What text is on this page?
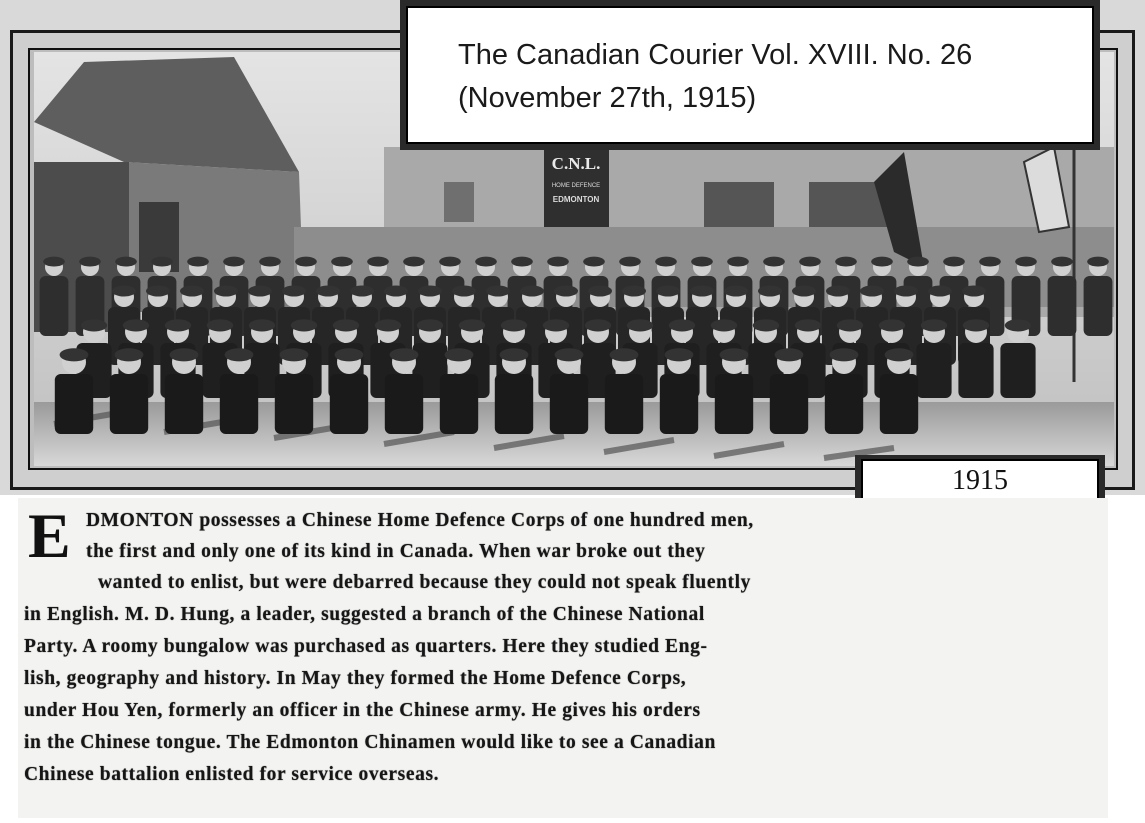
C.N.L.
HOME DEFENCE
EDMONTON
The Canadian Courier Vol. XVIII. No. 26
(November 27th, 1915)
1915
E DMONTON possesses a Chinese Home Defence Corps of one hundred men,
the first and only one of its kind in Canada. When war broke out they
wanted to enlist, but were debarred because they could not speak fluently
in English. M. D. Hung, a leader, suggested a branch of the Chinese National
Party. A roomy bungalow was purchased as quarters. Here they studied Eng-
lish, geography and history. In May they formed the Home Defence Corps,
under Hou Yen, formerly an officer in the Chinese army. He gives his orders
in the Chinese tongue. The Edmonton Chinamen would like to see a Canadian
Chinese battalion enlisted for service overseas.
